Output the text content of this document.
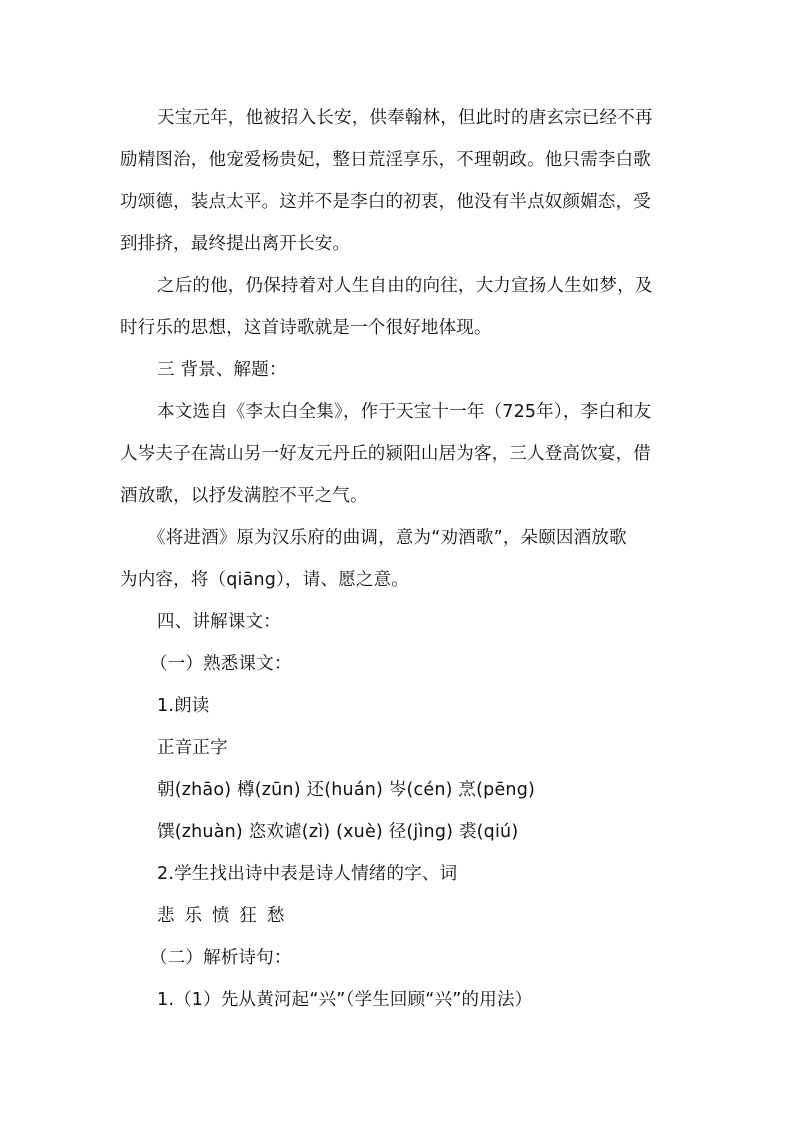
天宝元年，他被招入长安，供奉翰林，但此时的唐玄宗已经不再
励精图治，他宠爱杨贵妃，整日荒淫享乐，不理朝政。他只需李白歌
功颂德，装点太平。这并不是李白的初衷，他没有半点奴颜媚态，受
到排挤，最终提出离开长安。
之后的他，仍保持着对人生自由的向往，大力宣扬人生如梦，及
时行乐的思想，这首诗歌就是一个很好地体现。
三 背景、解题：
本文选自《李太白全集》，作于天宝十一年（725年），李白和友
人岑夫子在嵩山另一好友元丹丘的颍阳山居为客，三人登高饮宴，借
酒放歌，以抒发满腔不平之气。
《将进酒》原为汉乐府的曲调，意为“劝酒歌”，朵颐因酒放歌
为内容，将（qiāng），请、愿之意。
四、讲解课文：
（一）熟悉课文：
1.朗读
正音正字
朝(zhāo) 樽(zūn) 还(huán) 岑(cén) 烹(pēng)
馔(zhuàn) 恣欢谑(zì) (xuè) 径(jìng) 裘(qiú)
2.学生找出诗中表是诗人情绪的字、词
悲 乐 愤 狂 愁
（二）解析诗句：
1.（1）先从黄河起“兴”（学生回顾“兴”的用法）
